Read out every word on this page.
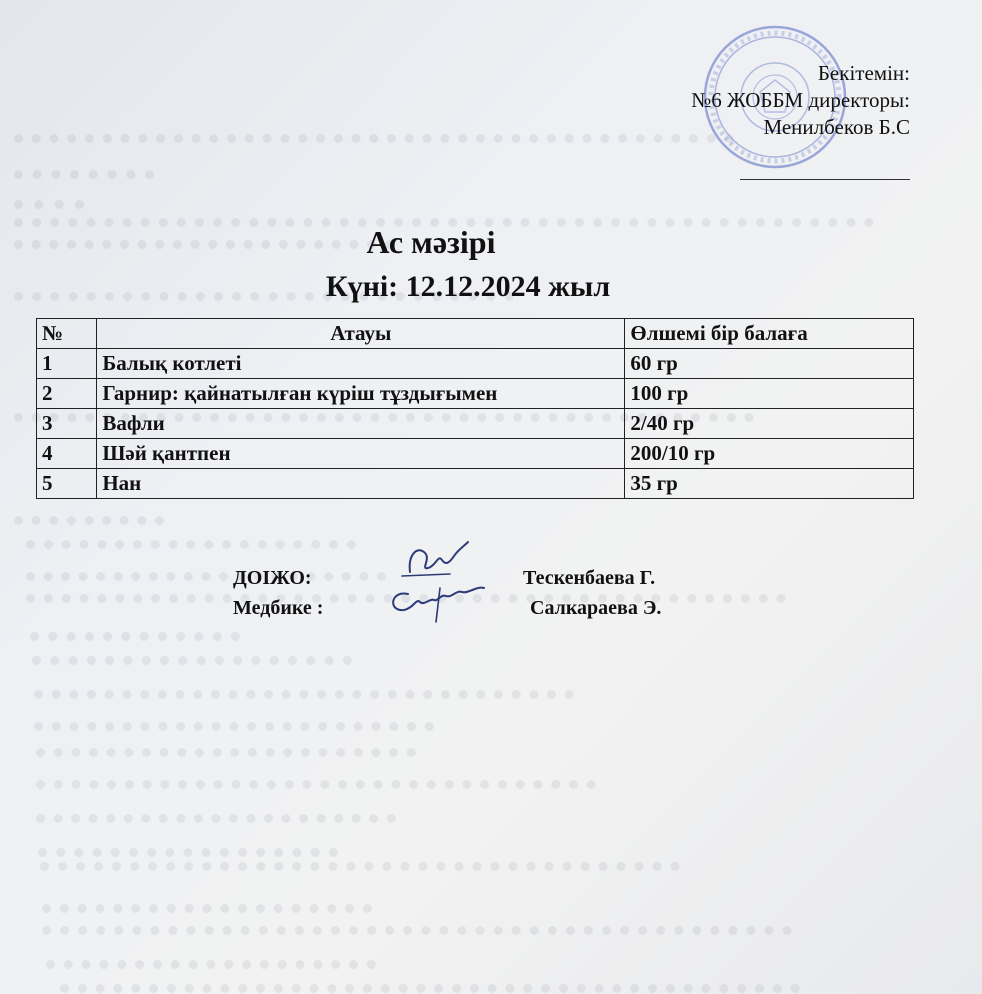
Бекітемін:
№6 ЖОББМ директоры:
Менилбеков Б.С
Ас мәзірі
Күні: 12.12.2024 жыл
№	Атауы	Өлшемі бір балаға
1	Балық котлеті	60 гр
2	Гарнир: қайнатылған күріш тұздығымен	100 гр
3	Вафли	2/40 гр
4	Шәй қантпен	200/10 гр
5	Нан	35 гр
ДОІЖО:
Медбике :
Тескенбаева Г.
Салкараева Э.
